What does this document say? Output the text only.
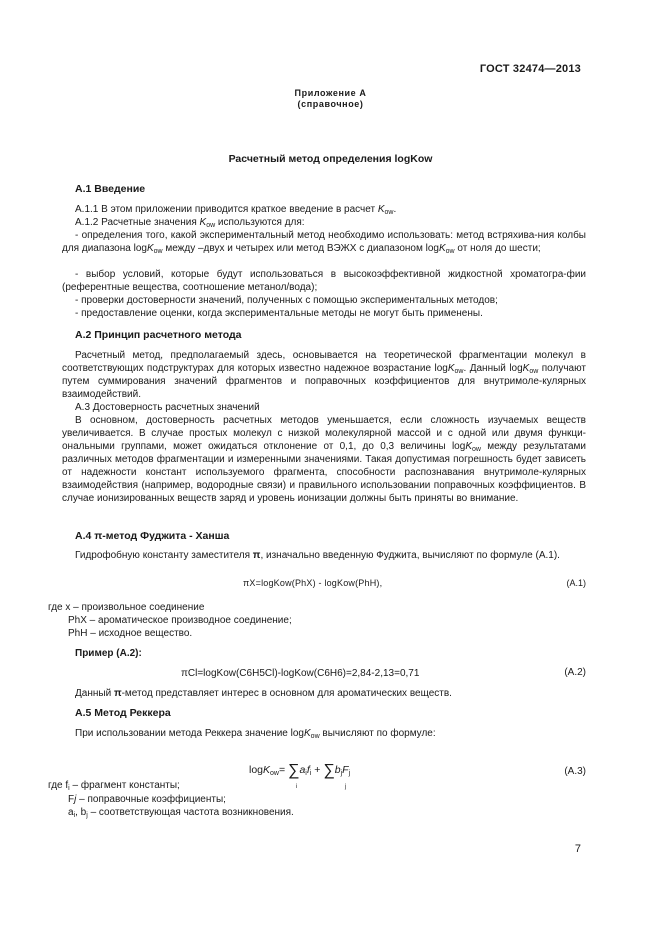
ГОСТ 32474—2013
Приложение А
(справочное)
Расчетный метод определения logKow
А.1 Введение

А.1.1 В этом приложении приводится краткое введение в расчет $K_{ow}$.

А.1.2 Расчетные значения $K_{ow}$ используются для:

- определения того, какой экспериментальный метод необходимо использовать: метод встряхива-ния колбы для диапазона logK$_{ow}$ между –двух и четырех или метод ВЭЖХ с диапазоном logK$_{ow}$ от ноля до шести;

- выбор условий, которые будут использоваться в высокоэффективной жидкостной хроматогра-фии (референтные вещества, соотношение метанол/вода);

- проверки достоверности значений, полученных с помощью экспериментальных методов;

- предоставление оценки, когда экспериментальные методы не могут быть применены.

А.2 Принцип расчетного метода

Расчетный метод, предполагаемый здесь, основывается на теоретической фрагментации молекул в соответствующих подструктурах для которых известно надежное возрастание logK$_{ow}$. Данный logK$_{ow}$ получают путем суммирования значений фрагментов и поправочных коэффициентов для внутримоле-кулярных взаимодействий.

А.3 Достоверность расчетных значений

В основном, достоверность расчетных методов уменьшается, если сложность изучаемых веществ увеличивается. В случае простых молекул с низкой молекулярной массой и с одной или двумя функци-ональными группами, может ожидаться отклонение от 0,1, до 0,3 величины logK$_{ow}$ между результатами различных методов фрагментации и измеренными значениями. Такая допустимая погрешность будет зависеть от надежности констант используемого фрагмента, способности распознавания внутримоле-кулярных взаимодействия (например, водородные связи) и правильного использовании поправочных коэффициентов. В случае ионизированных веществ заряд и уровень ионизации должны быть приняты во внимание.

А.4 π-метод Фуджита - Ханша

Гидрофобную константу заместителя π, изначально введенную Фуджита, вычисляют по формуле (А.1).

πX=logKow(PhX) - logKow(PhH),	(А.1)
где x – произвольное соединение
PhX – ароматическое производное соединение;
PhH – исходное вещество.
Пример (А.2):
πCl=logKow(C6H5Cl)-logKow(C6H6)=2,84-2,13=0,71	(А.2)
Данный π-метод представляет интерес в основном для ароматических веществ.
А.5 Метод Реккера
При использовании метода Реккера значение logK$_{ow}$ вычисляют по формуле:
$\log K_{ow}= \sum a_if_i + \sum b_jF_j$
i	j
(А.3)
где $f_i$ – фрагмент константы;
Fj – поправочные коэффициенты;
$a_i$, $b_j$ – соответствующая частота возникновения.
7
